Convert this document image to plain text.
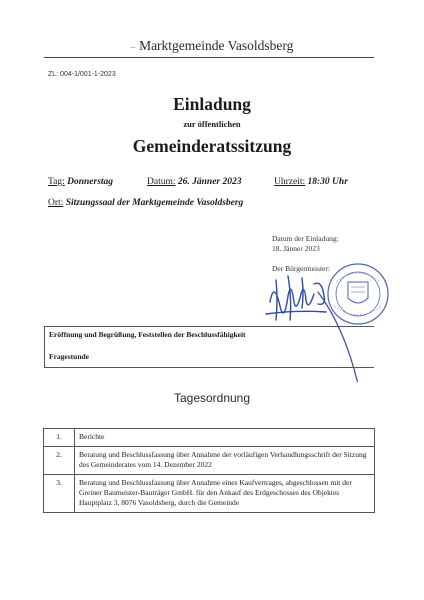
– Marktgemeinde Vasoldsberg
ZL: 004-1/001-1-2023
Einladung
zur öffentlichen
Gemeinderatssitzung
Tag: Donnerstag	Datum: 26. Jänner 2023	Uhrzeit: 18:30 Uhr
Ort: Sitzungssaal der Marktgemeinde Vasoldsberg
Datum der Einladung:
18. Jänner 2023
Der Bürgermeister:
Eröffnung und Begrüßung, Feststellen der Beschlussfähigkeit
Fragestunde
Tagesordnung
1.	Berichte
2.	Beratung und Beschlussfassung über Annahme der vorläufigen Verhandlungsschrift der Sitzung des Gemeinderates vom 14. Dezember 2022
3.	Beratung und Beschlussfassung über Annahme eines Kaufvertrages, abgeschlossen mit der Greiner Baumeister-Bauträger GmbH. für den Ankauf des Erdgeschosses des Objektes Hauptplatz 3, 8076 Vasoldsberg, durch die Gemeinde
